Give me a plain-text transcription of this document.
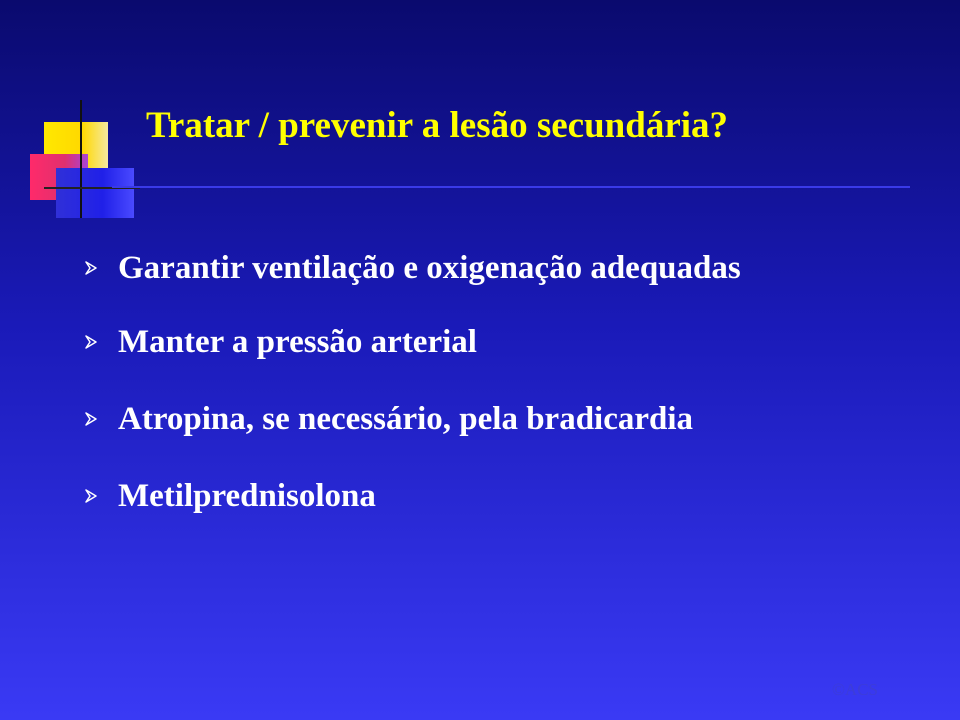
Tratar / prevenir a lesão secundária?
Garantir ventilação e oxigenação adequadas
Manter a pressão arterial
Atropina, se necessário, pela bradicardia
Metilprednisolona
©ACS
